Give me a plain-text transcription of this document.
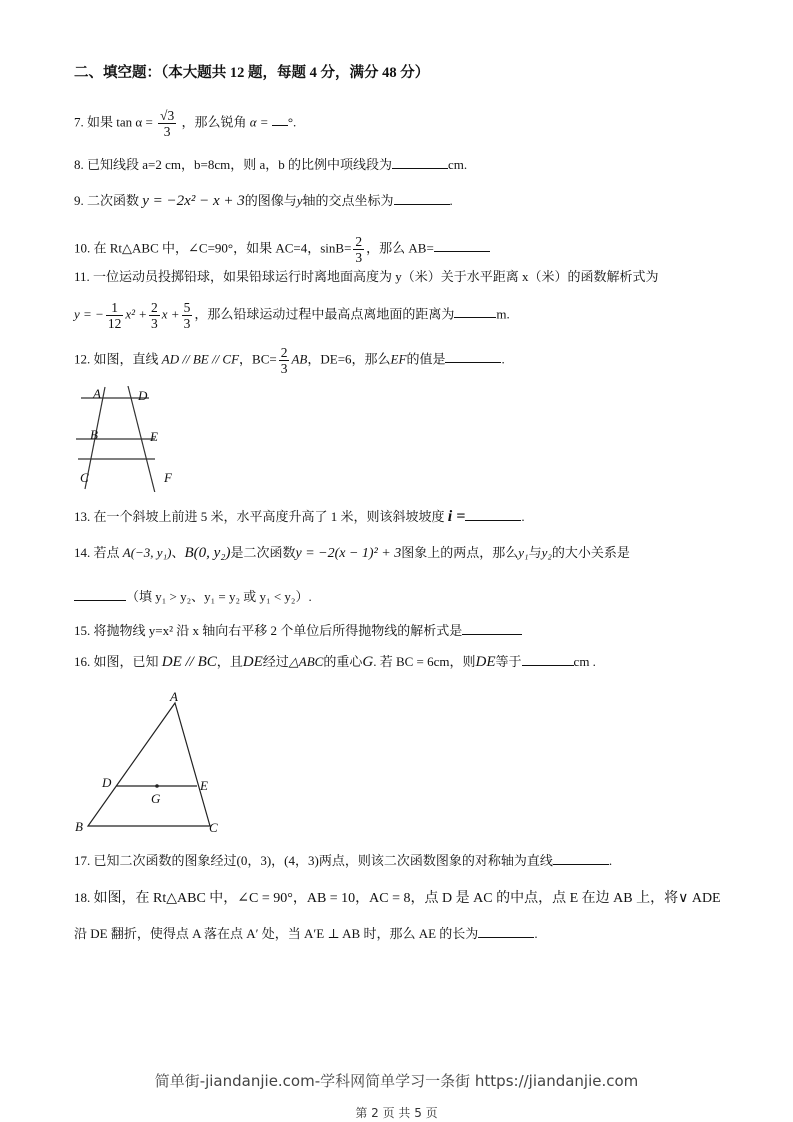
二、填空题：（本大题共 12 题，每题 4 分，满分 48 分）
7. 如果 $\tan \alpha = \frac{√3}{3}$ ，那么锐角 α = °.
8. 已知线段 a=2 cm，b=8cm，则 a，b 的比例中项线段为	cm.
9. 二次函数 y = −2x² − x + 3的图像与y轴的交点坐标为	.
10. 在 Rt△ABC 中，∠C=90°，如果 AC=4，$\sin B= \frac{2}{3}$ ，那么 AB=
11. 一位运动员投掷铅球，如果铅球运行时离地面高度为 y（米）关于水平距离 x（米）的函数解析式为
y = − $\frac{1}{12} x^2 + \frac{2}{3}$ $x + \frac{5}{3}$ ，那么铅球运动过程中最高点离地面的距离为	m.
12. 如图，直线 AD // BE // CF，$BC= \frac{2}{3}$ AB，DE=6，那么EF的值是	.
A	D
B	E
C	F
13. 在一个斜坡上前进 5 米，水平高度升高了 1 米，则该斜坡坡度 i =	.
14. 若点 A(−3, y₁)、B(0, y₂)是二次函数y = −2(x − 1)² + 3图象上的两点，那么y₁与y₂的大小关系是
（填 y₁ > y₂、y₁ = y₂ 或 y₁ < y₂）.
15. 将抛物线 y=x² 沿 x 轴向右平移 2 个单位后所得抛物线的解析式是
16. 如图，已知 DE // BC，且DE经过△ABC的重心G. 若 BC = 6cm，则DE等于	cm .
A
D	E
G
B	C
17. 已知二次函数的图象经过(0，3)，(4，3)两点，则该二次函数图象的对称轴为直线	.
18. 如图，在 Rt△ABC 中，∠C = 90°，AB = 10，AC = 8，点 D 是 AC 的中点，点 E 在边 AB 上，将∨ ADE
沿 DE 翻折，使得点 A 落在点 A′ 处，当 A′E ⊥ AB 时，那么 AE 的长为	.
简单街-jiandanjie.com-学科网简单学习一条街 https://jiandanjie.com
第 2 页 共 5 页
